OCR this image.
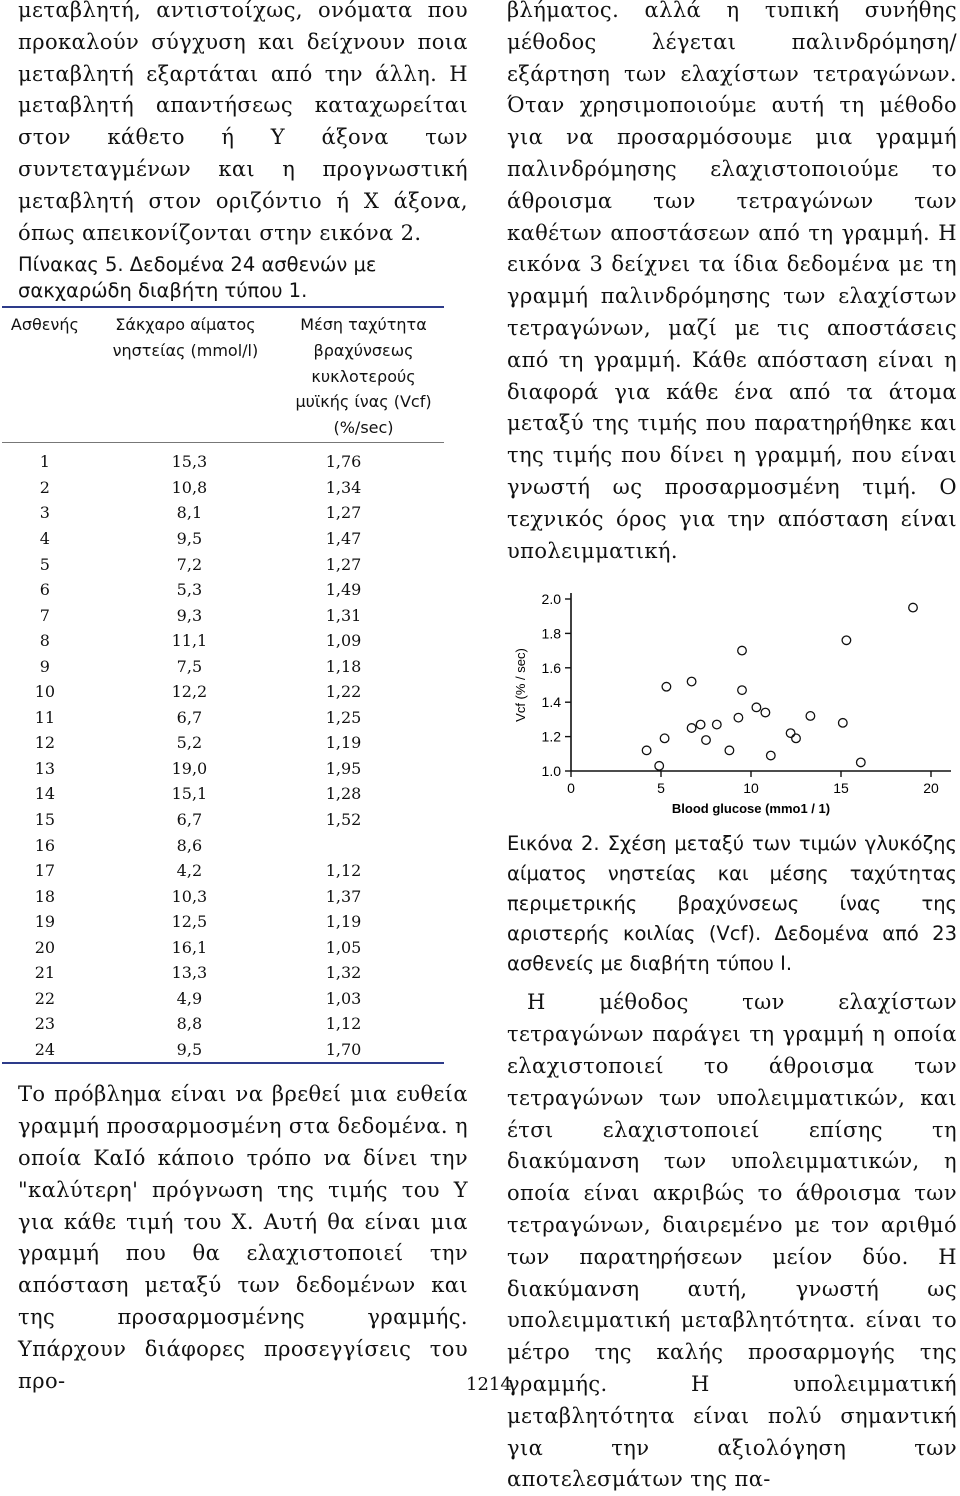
μεταβλητή, αντιστοίχως, ονόματα που προκαλούν σύγχυση και δείχνουν ποια μεταβλητή εξαρτάται από την άλλη. Η μεταβλητή απαντήσεως καταχωρείται στον κάθετο ή Υ άξονα των συντεταγμένων και η προγνωστική μεταβλητή στον οριζόντιο ή Χ άξονα, όπως απεικονίζονται στην εικόνα 2.

Πίνακας 5. Δεδομένα 24 ασθενών με σακχαρώδη διαβήτη τύπου 1.

Ασθενής	Σάκχαρο αίματος νηστείας (mmol/l)	Μέση ταχύτητα βραχύνσεως κυκλοτερούς μυϊκής ίνας (Vcf) (%/sec)
1	15,3	1,76
2	10,8	1,34
3	8,1	1,27
4	9,5	1,47
5	7,2	1,27
6	5,3	1,49
7	9,3	1,31
8	11,1	1,09
9	7,5	1,18
10	12,2	1,22
11	6,7	1,25
12	5,2	1,19
13	19,0	1,95
14	15,1	1,28
15	6,7	1,52
16	8,6	
17	4,2	1,12
18	10,3	1,37
19	12,5	1,19
20	16,1	1,05
21	13,3	1,32
22	4,9	1,03
23	8,8	1,12
24	9,5	1,70

Το πρόβλημα είναι να βρεθεί μια ευθεία γραμμή προσαρμοσμένη στα δεδομένα. η οποία ΚαΙό κάποιο τρόπο να δίνει την "καλύτερη' πρόγνωση της τιμής του Υ για κάθε τιμή του Χ. Αυτή θα είναι μια γραμμή που θα ελαχιστοποιεί την απόσταση μεταξύ των δεδομένων και της προσαρμοσμένης γραμμής. Υπάρχουν διάφορες προσεγγίσεις του προ-

βλήματος. αλλά η τυπική συνήθης μέθοδος λέγεται παλινδρόμηση/εξάρτηση των ελαχίστων τετραγώνων. Όταν χρησιμοποιούμε αυτή τη μέθοδο για να προσαρμόσουμε μια γραμμή παλινδρόμησης ελαχιστοποιούμε το άθροισμα των τετραγώνων των καθέτων αποστάσεων από τη γραμμή. Η εικόνα 3 δείχνει τα ίδια δεδομένα με τη γραμμή παλινδρόμησης των ελαχίστων τετραγώνων, μαζί με τις αποστάσεις από τη γραμμή. Κάθε απόσταση είναι η διαφορά για κάθε ένα από τα άτομα μεταξύ της τιμής που παρατηρήθηκε και της τιμής που δίνει η γραμμή, που είναι γνωστή ως προσαρμοσμένη τιμή. Ο τεχνικός όρος για την απόσταση είναι υπολειμματική.

1.0
1.2
1.4
1.6
1.8
2.0
0	5	10	15	20
Blood glucose (mmo1 / 1)
Vcf (% / sec)

Εικόνα 2. Σχέση μεταξύ των τιμών γλυκόζης αίματος νηστείας και μέσης ταχύτητας περιμετρικής βραχύνσεως ίνας της αριστερής κοιλίας (Vcf). Δεδομένα από 23 ασθενείς με διαβήτη τύπου Ι.

Η μέθοδος των ελαχίστων τετραγώνων παράγει τη γραμμή η οποία ελαχιστοποιεί το άθροισμα των τετραγώνων των υπολειμματικών, και έτσι ελαχιστοποιεί επίσης τη διακύμανση των υπολειμματικών, η οποία είναι ακριβώς το άθροισμα των τετραγώνων, διαιρεμένο με τον αριθμό των παρατηρήσεων μείον δύο. Η διακύμανση αυτή, γνωστή ως υπολειμματική μεταβλητότητα. είναι το μέτρο της καλής προσαρμογής της γραμμής. Η υπολειμματική μεταβλητότητα είναι πολύ σημαντική για την αξιολόγηση των αποτελεσμάτων της πα-

1214
